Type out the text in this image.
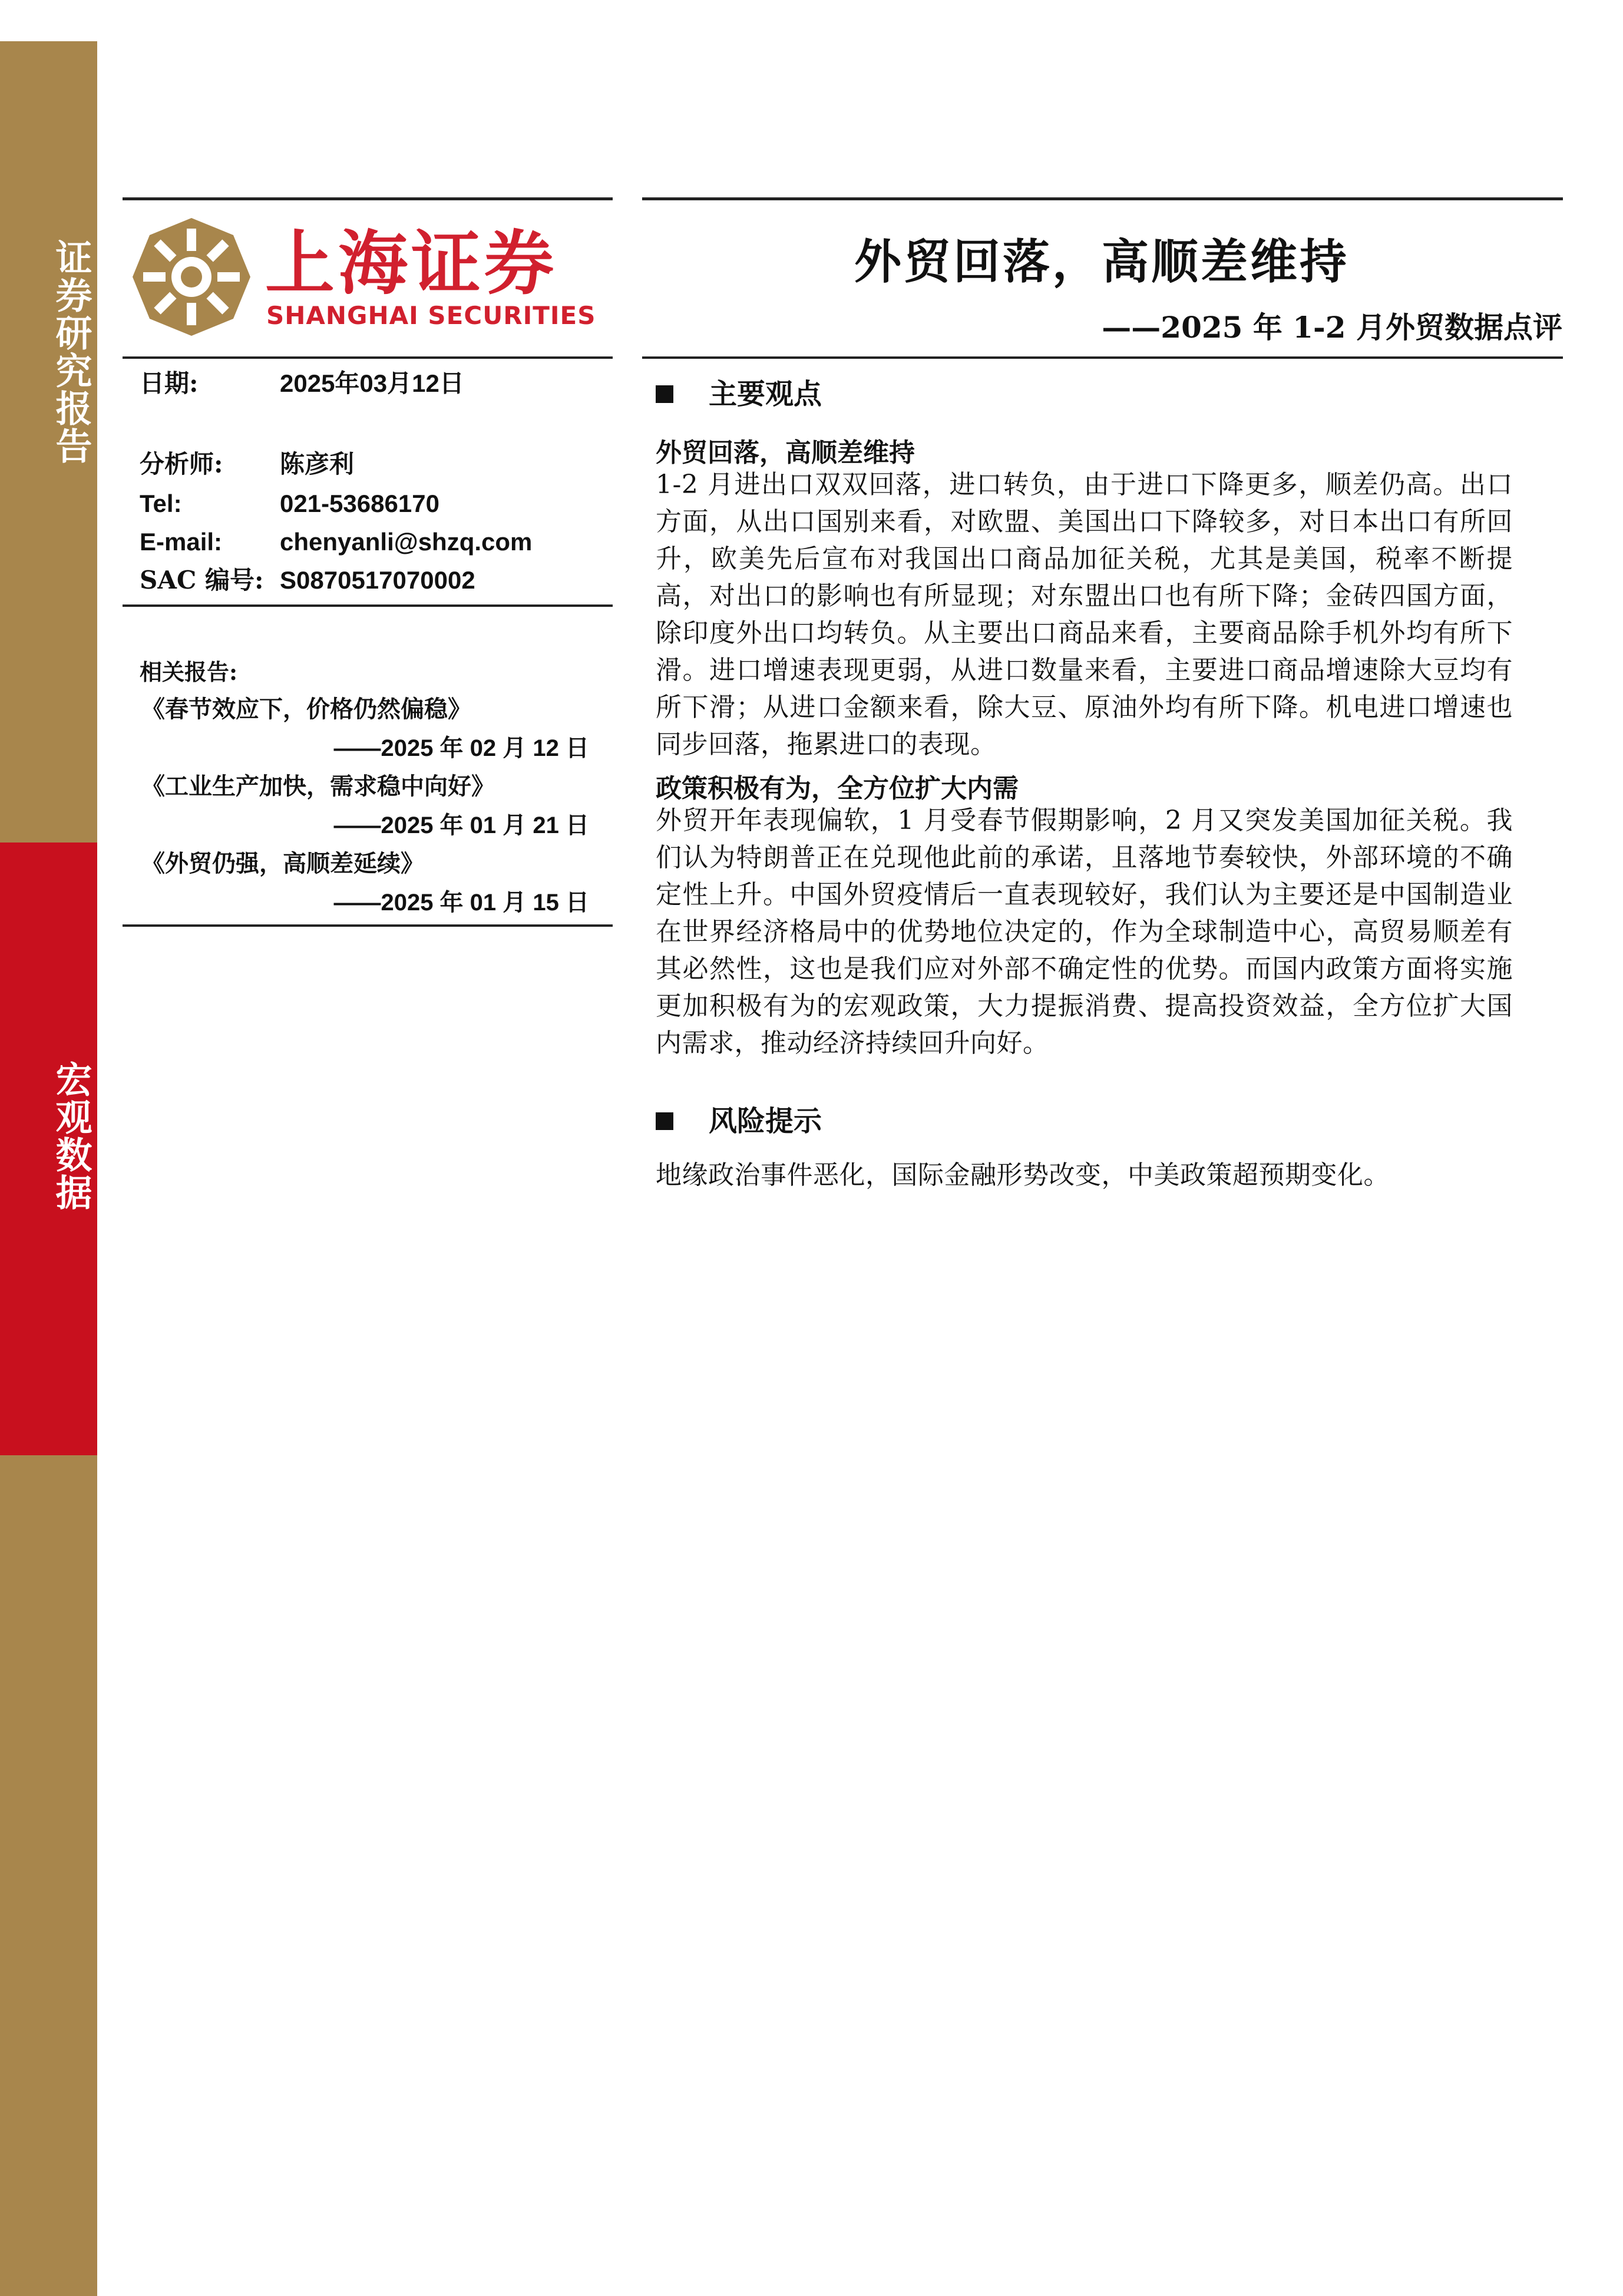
证券研究报告
宏观数据
上海证券
SHANGHAI SECURITIES
日期:	2025年03月12日
分析师: 陈彦利
Tel:	021-53686170
E-mail: chenyanli@shzq.com
SAC 编号: S0870517070002
相关报告:
《春节效应下，价格仍然偏稳》
——2025 年 02 月 12 日
《工业生产加快，需求稳中向好》
——2025 年 01 月 21 日
《外贸仍强，高顺差延续》
——2025 年 01 月 15 日
外贸回落，高顺差维持
——2025 年 1-2 月外贸数据点评
主要观点
外贸回落，高顺差维持
1-2 月进出口双双回落，进口转负，由于进口下降更多，顺差仍高。出口方面，从出口国别来看，对欧盟、美国出口下降较多，对日本出口有所回升，欧美先后宣布对我国出口商品加征关税，尤其是美国，税率不断提高，对出口的影响也有所显现；对东盟出口也有所下降；金砖四国方面，除印度外出口均转负。从主要出口商品来看，主要商品除手机外均有所下滑。进口增速表现更弱，从进口数量来看，主要进口商品增速除大豆均有所下滑；从进口金额来看，除大豆、原油外均有所下降。机电进口增速也同步回落，拖累进口的表现。
政策积极有为，全方位扩大内需
外贸开年表现偏软，1 月受春节假期影响，2 月又突发美国加征关税。我们认为特朗普正在兑现他此前的承诺，且落地节奏较快，外部环境的不确定性上升。中国外贸疫情后一直表现较好，我们认为主要还是中国制造业在世界经济格局中的优势地位决定的，作为全球制造中心，高贸易顺差有其必然性，这也是我们应对外部不确定性的优势。而国内政策方面将实施更加积极有为的宏观政策，大力提振消费、提高投资效益，全方位扩大国内需求，推动经济持续回升向好。
风险提示
地缘政治事件恶化，国际金融形势改变，中美政策超预期变化。
